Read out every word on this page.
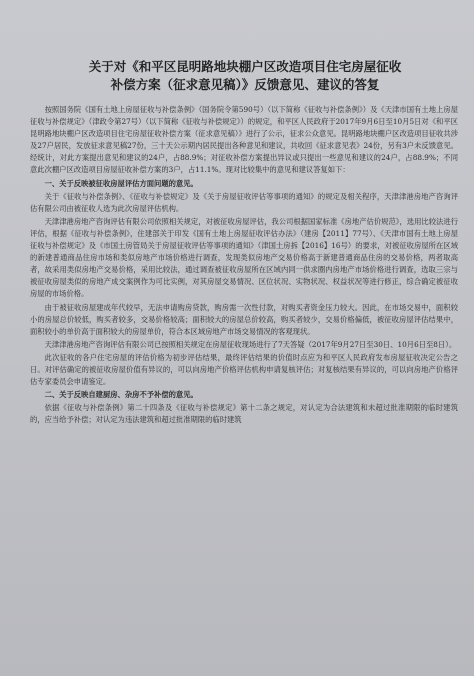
关于对《和平区昆明路地块棚户区改造项目住宅房屋征收
补偿方案（征求意见稿）》反馈意见、建议的答复

按照国务院《国有土地上房屋征收与补偿条例》（国务院令第590号）（以下简称《征收与补偿条例》）及《天津市国有土地上房屋征收与补偿规定》（津政令第27号）（以下简称《征收与补偿规定》）的规定，和平区人民政府于2017年9月6日至10月5日对《和平区昆明路地块棚户区改造项目住宅房屋征收补偿方案（征求意见稿）》进行了公示，征求公众意见。昆明路地块棚户区改造项目征收共涉及27户居民，发放征求意见稿27份，三十天公示期内居民提出各种意见和建议，共收回《征求意见表》24份，另有3户未反馈意见。经统计，对此方案提出意见和建议的24户，占88.9%；对征收补偿方案提出异议或只提出一些意见和建议的24户，占88.9%；不同意此次棚户区改造项目房屋征收补偿方案的3户，占11.1%。现对比较集中的意见和建议答复如下：

一、关于反映被征收房屋评估方面问题的意见。

关于《征收与补偿条例》、《征收与补偿规定》及《关于房屋征收评估等事项的通知》的规定及相关程序，天津津港房地产咨询评估有限公司由被征收人选为此次房屋评估机构。

天津津港房地产咨询评估有限公司依照相关规定，对被征收房屋评估，我公司根据国家标准《房地产估价规范》，选用比较法进行评估，根据《征收与补偿条例》，住建部关于印发《国有土地上房屋征收评估办法》（建房【2011】77号）、《天津市国有土地上房屋征收与补偿规定》及《市国土房管局关于房屋征收评估等事项的通知》（津国土房拆【2016】16号）的要求，对被征收房屋所在区域的新建普通商品住房市场和类似房地产市场价格进行调查，发现类似房地产交易价格高于新建普通商品住房的交易价格，两者取高者，故采用类似房地产交易价格，采用比较法，通过调查被征收房屋所在区域内同一供求圈内房地产市场价格进行调查，选取三宗与被征收房屋类似的房地产成交案例作为可比实例，对其房屋交易情况、区位状况、实物状况、权益状况等进行修正，综合确定被征收房屋的市场价格。

由于被征收房屋建成年代较早，无法申请购房贷款，购房需一次性付款，对购买者资金压力较大。因此，在市场交易中，面积较小的房屋总价较低，购买者较多，交易价格较高；面积较大的房屋总价较高，购买者较少，交易价格偏低，被征收房屋评估结果中，面积较小的单价高于面积较大的房屋单价，符合本区域房地产市场交易情况的客观现状。

天津津港房地产咨询评估有限公司已按照相关规定在房屋征收现场进行了7天答疑（2017年9月27日至30日、10月6日至8日）。

此次征收的各户住宅房屋的评估价格为初步评估结果，最终评估结果的价值时点应为和平区人民政府发布房屋征收决定公告之日。对评估确定的被征收房屋价值有异议的，可以向房地产价格评估机构申请复核评估；对复核结果有异议的，可以向房地产价格评估专家委员会申请鉴定。

二、关于反映自建厨房、杂房不予补偿的意见。

依据《征收与补偿条例》第二十四条及《征收与补偿规定》第十二条之规定，对认定为合法建筑和未超过批准期限的临时建筑的，应当给予补偿；对认定为违法建筑和超过批准期限的临时建筑
